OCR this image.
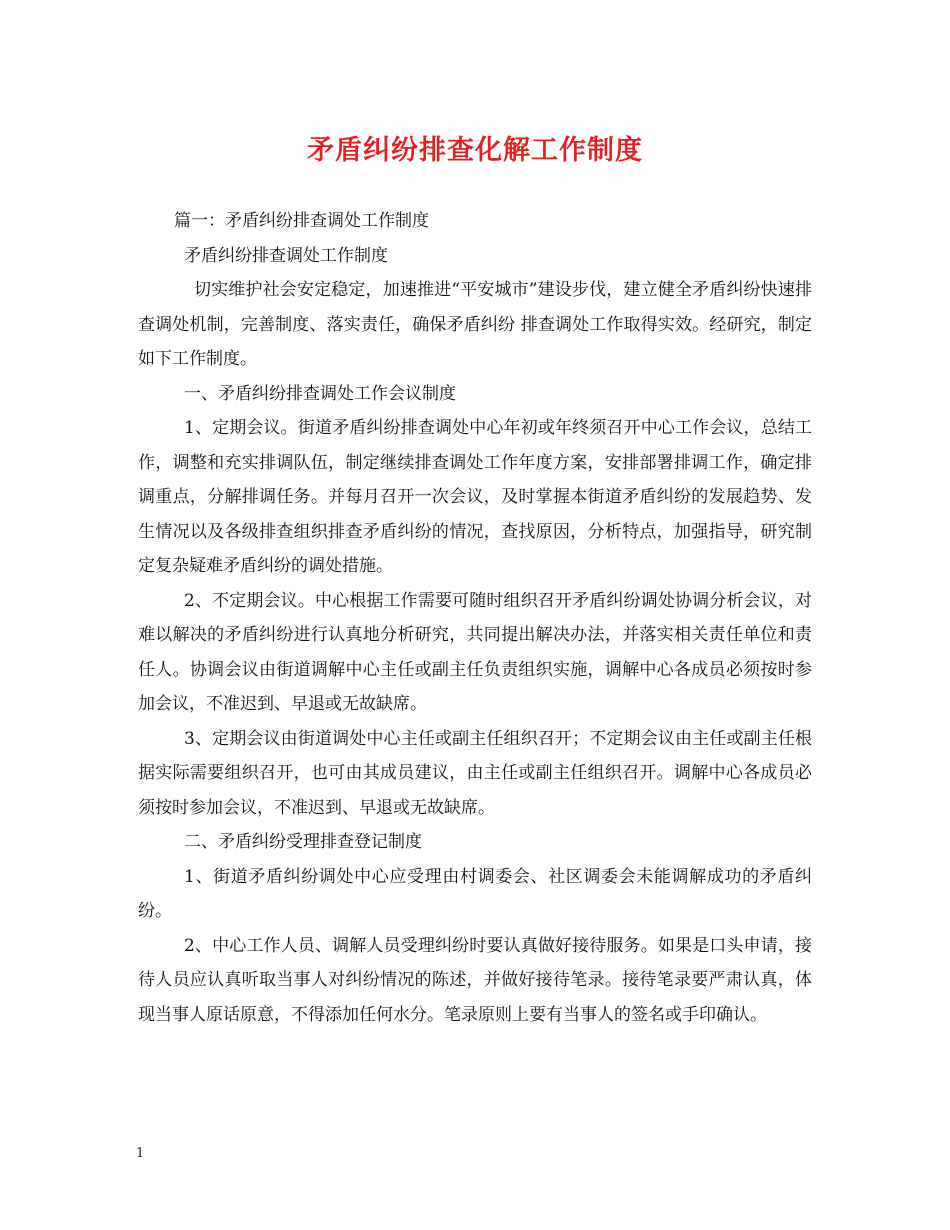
矛盾纠纷排查化解工作制度

篇一：矛盾纠纷排查调处工作制度

矛盾纠纷排查调处工作制度

切实维护社会安定稳定，加速推进“平安城市”建设步伐，建立健全矛盾纠纷快速排查调处机制，完善制度、落实责任，确保矛盾纠纷 排查调处工作取得实效。经研究，制定如下工作制度。

一、矛盾纠纷排查调处工作会议制度

1、定期会议。街道矛盾纠纷排查调处中心年初或年终须召开中心工作会议，总结工作，调整和充实排调队伍，制定继续排查调处工作年度方案，安排部署排调工作，确定排调重点，分解排调任务。并每月召开一次会议，及时掌握本街道矛盾纠纷的发展趋势、发生情况以及各级排查组织排查矛盾纠纷的情况，查找原因，分析特点，加强指导，研究制定复杂疑难矛盾纠纷的调处措施。

2、不定期会议。中心根据工作需要可随时组织召开矛盾纠纷调处协调分析会议，对难以解决的矛盾纠纷进行认真地分析研究，共同提出解决办法，并落实相关责任单位和责任人。协调会议由街道调解中心主任或副主任负责组织实施，调解中心各成员必须按时参加会议，不准迟到、早退或无故缺席。

3、定期会议由街道调处中心主任或副主任组织召开；不定期会议由主任或副主任根据实际需要组织召开，也可由其成员建议，由主任或副主任组织召开。调解中心各成员必须按时参加会议，不准迟到、早退或无故缺席。

二、矛盾纠纷受理排查登记制度

1、街道矛盾纠纷调处中心应受理由村调委会、社区调委会未能调解成功的矛盾纠纷。

2、中心工作人员、调解人员受理纠纷时要认真做好接待服务。如果是口头申请，接待人员应认真听取当事人对纠纷情况的陈述，并做好接待笔录。接待笔录要严肃认真，体现当事人原话原意，不得添加任何水分。笔录原则上要有当事人的签名或手印确认。

1
